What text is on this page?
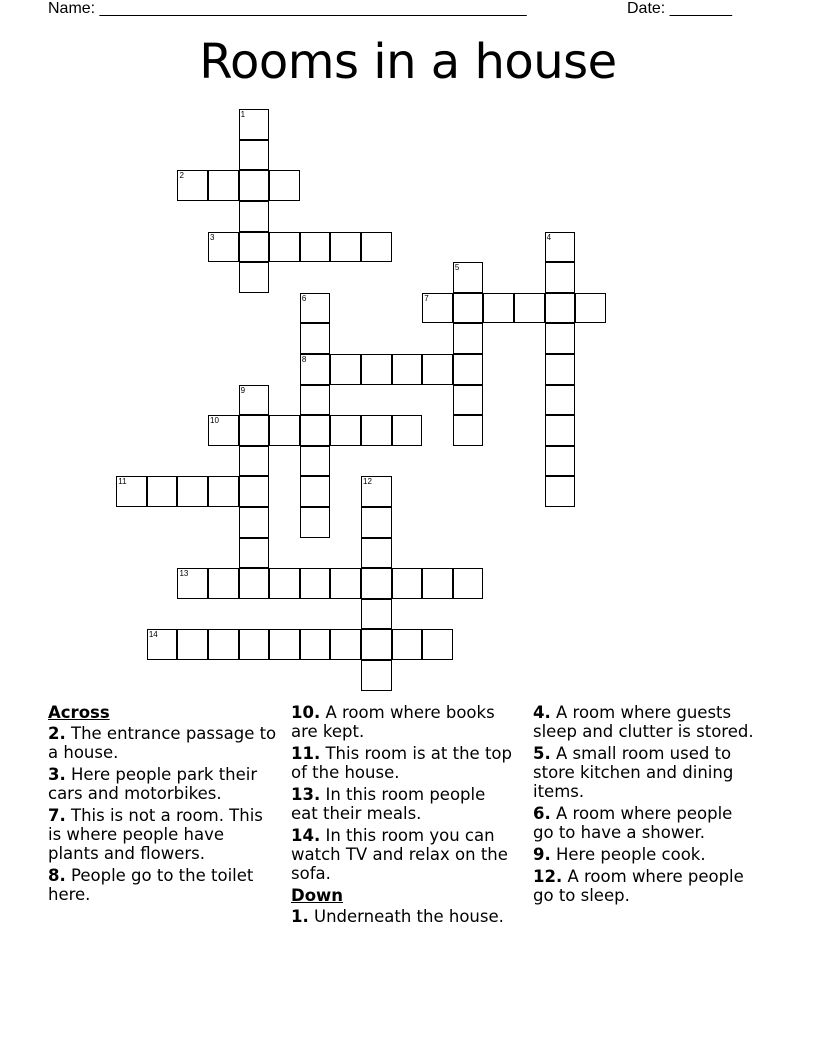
Name: ________________________________________________	Date: _______
Rooms in a house
1
2
3	4
5
6
8
7
9
10
11	12
13
14
Across
2. The entrance passage to a house.
3. Here people park their cars and motorbikes.
7. This is not a room. This is where people have plants and flowers.
8. People go to the toilet here.
10. A room where books are kept.
11. This room is at the top of the house.
13. In this room people eat their meals.
14. In this room you can watch TV and relax on the sofa.
Down
1. Underneath the house.
4. A room where guests sleep and clutter is stored.
5. A small room used to store kitchen and dining items.
6. A room where people go to have a shower.
9. Here people cook.
12. A room where people go to sleep.
